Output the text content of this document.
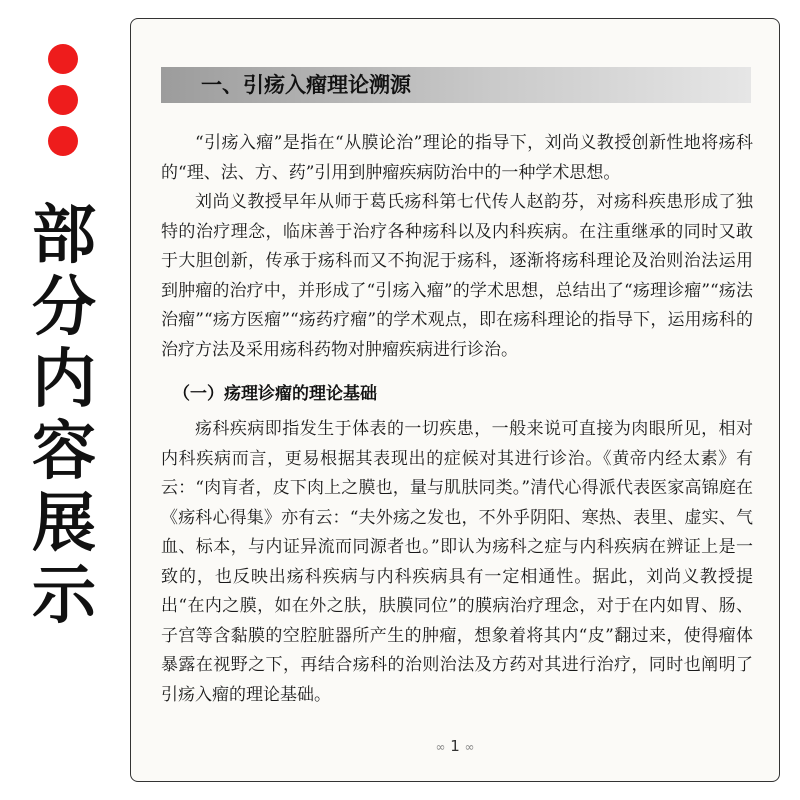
部分内容展示
一、引疡入瘤理论溯源

“引疡入瘤”是指在“从膜论治”理论的指导下，刘尚义教授创新性地将疡科的“理、法、方、药”引用到肿瘤疾病防治中的一种学术思想。

刘尚义教授早年从师于葛氏疡科第七代传人赵韵芬，对疡科疾患形成了独特的治疗理念，临床善于治疗各种疡科以及内科疾病。在注重继承的同时又敢于大胆创新，传承于疡科而又不拘泥于疡科，逐渐将疡科理论及治则治法运用到肿瘤的治疗中，并形成了“引疡入瘤”的学术思想，总结出了“疡理诊瘤”“疡法治瘤”“疡方医瘤”“疡药疗瘤”的学术观点，即在疡科理论的指导下，运用疡科的治疗方法及采用疡科药物对肿瘤疾病进行诊治。

（一）疡理诊瘤的理论基础

疡科疾病即指发生于体表的一切疾患，一般来说可直接为肉眼所见，相对内科疾病而言，更易根据其表现出的症候对其进行诊治。《黄帝内经太素》有云：“肉肓者，皮下肉上之膜也，量与肌肤同类。”清代心得派代表医家高锦庭在《疡科心得集》亦有云：“夫外疡之发也，不外乎阴阳、寒热、表里、虚实、气血、标本，与内证异流而同源者也。”即认为疡科之症与内科疾病在辨证上是一致的，也反映出疡科疾病与内科疾病具有一定相通性。据此，刘尚义教授提出“在内之膜，如在外之肤，肤膜同位”的膜病治疗理念，对于在内如胃、肠、子宫等含黏膜的空腔脏器所产生的肿瘤，想象着将其内“皮”翻过来，使得瘤体暴露在视野之下，再结合疡科的治则治法及方药对其进行治疗，同时也阐明了引疡入瘤的理论基础。

∞ 1 ∞
